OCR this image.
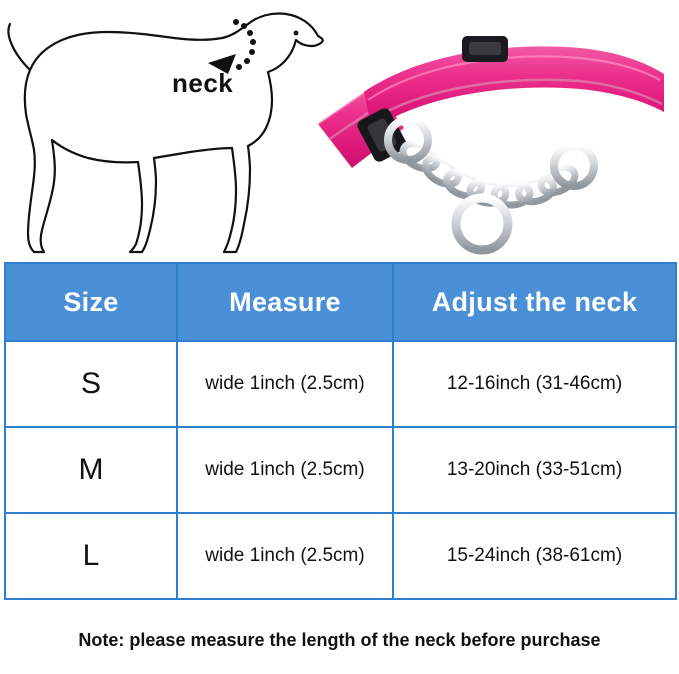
neck
Size	Measure	Adjust the neck
S	wide 1inch (2.5cm)	12-16inch (31-46cm)
M	wide 1inch (2.5cm)	13-20inch (33-51cm)
L	wide 1inch (2.5cm)	15-24inch (38-61cm)
Note: please measure the length of the neck before purchase
